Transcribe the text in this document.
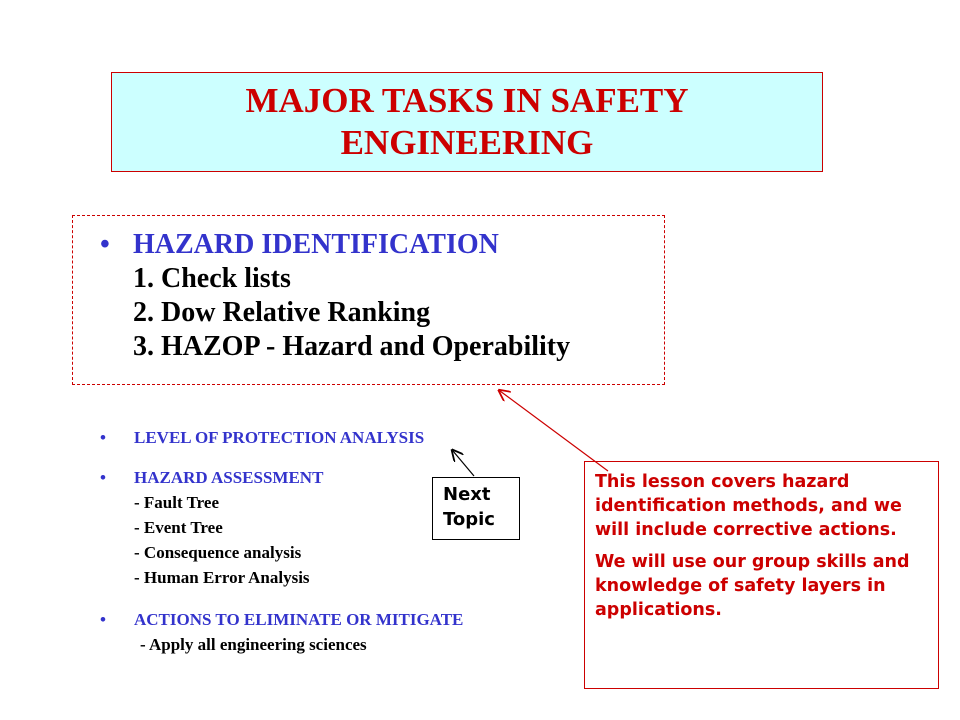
MAJOR TASKS IN SAFETY
ENGINEERING
• HAZARD IDENTIFICATION
1. Check lists
2. Dow Relative Ranking
3. HAZOP - Hazard and Operability
• LEVEL OF PROTECTION ANALYSIS
• HAZARD ASSESSMENT
- Fault Tree
- Event Tree
- Consequence analysis
- Human Error Analysis
• ACTIONS TO ELIMINATE OR MITIGATE
- Apply all engineering sciences
Next
Topic

This lesson covers hazard identification methods, and we will include corrective actions.

We will use our group skills and knowledge of safety layers in applications.
